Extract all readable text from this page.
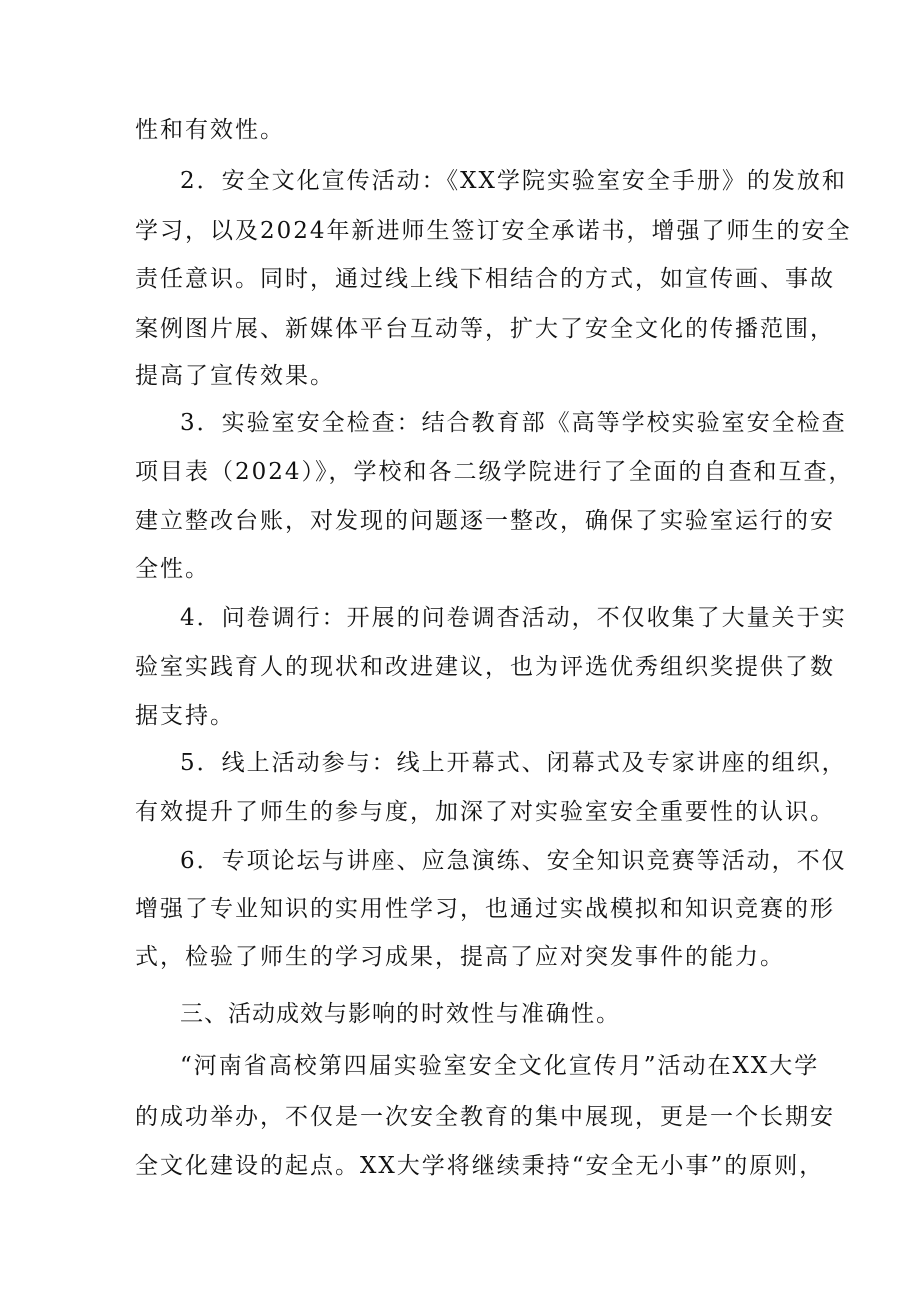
性和有效性。
2．安全文化宣传活动：《XX学院实验室安全手册》的发放和
学习，以及2024年新进师生签订安全承诺书，增强了师生的安全
责任意识。同时，通过线上线下相结合的方式，如宣传画、事故
案例图片展、新媒体平台互动等，扩大了安全文化的传播范围，
提高了宣传效果。
3．实验室安全检查：结合教育部《高等学校实验室安全检查
项目表（2024）》，学校和各二级学院进行了全面的自查和互查，
建立整改台账，对发现的问题逐一整改，确保了实验室运行的安
全性。
4．问卷调行：开展的问卷调杳活动，不仅收集了大量关于实
验室实践育人的现状和改进建议，也为评选优秀组织奖提供了数
据支持。
5．线上活动参与：线上开幕式、闭幕式及专家讲座的组织，
有效提升了师生的参与度，加深了对实验室安全重要性的认识。
6．专项论坛与讲座、应急演练、安全知识竞赛等活动，不仅
增强了专业知识的实用性学习，也通过实战模拟和知识竞赛的形
式，检验了师生的学习成果，提高了应对突发事件的能力。
三、活动成效与影响的时效性与准确性。
“河南省高校第四届实验室安全文化宣传月”活动在XX大学
的成功举办，不仅是一次安全教育的集中展现，更是一个长期安
全文化建设的起点。XX大学将继续秉持“安全无小事”的原则，
